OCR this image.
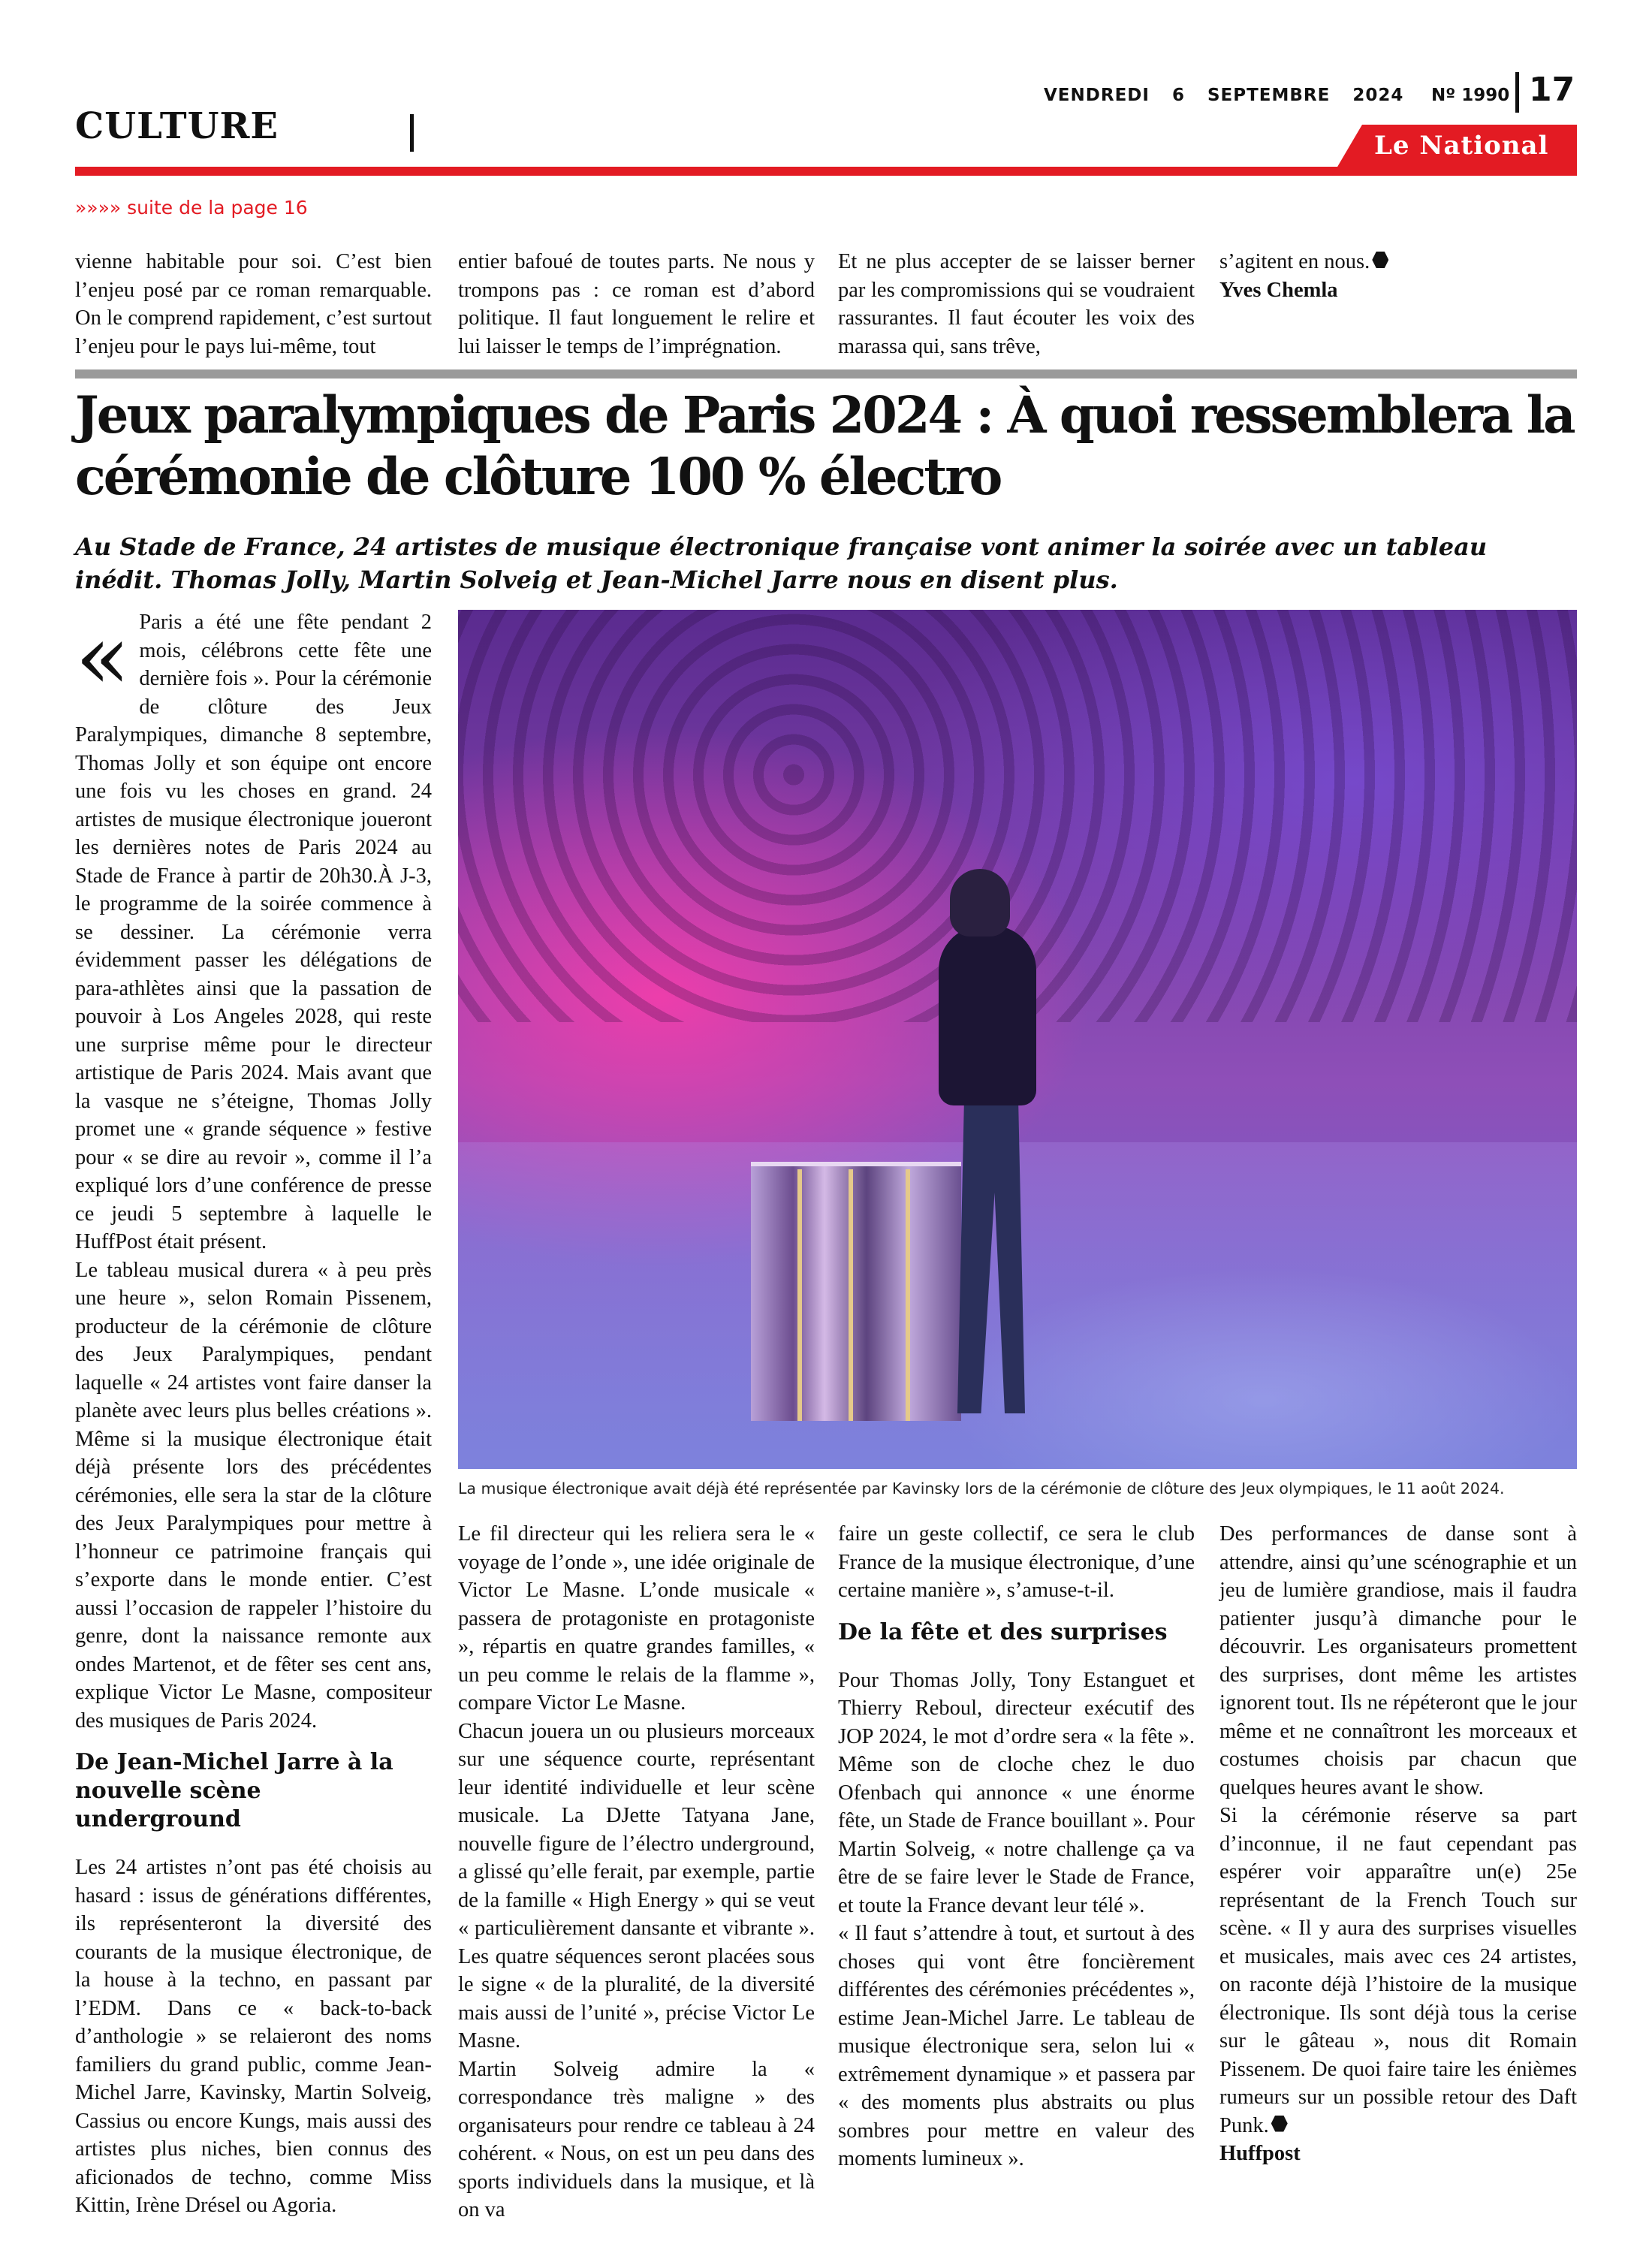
CULTURE
VENDREDI 6 SEPTEMBRE 2024	Nº 1990 17
Le National
»»»» suite de la page 16

vienne habitable pour soi. C’est bien l’enjeu posé par ce roman remarquable. On le comprend rapidement, c’est surtout l’enjeu pour le pays lui-même, tout

entier bafoué de toutes parts. Ne nous y trompons pas : ce roman est d’abord politique. Il faut longuement le relire et lui laisser le temps de l’imprégnation.

Et ne plus accepter de se laisser berner par les compromissions qui se voudraient rassurantes. Il faut écouter les voix des marassa qui, sans trêve,

s’agitent en nous.

Yves Chemla

Jeux paralympiques de Paris 2024 : À quoi ressemblera la cérémonie de clôture 100 % électro
Au Stade de France, 24 artistes de musique électronique française vont animer la soirée avec un tableau inédit. Thomas Jolly, Martin Solveig et Jean-Michel Jarre nous en disent plus.
La musique électronique avait déjà été représentée par Kavinsky lors de la cérémonie de clôture des Jeux olympiques, le 11 août 2024.
« Paris a été une fête pendant 2 mois, célébrons cette fête une dernière fois ». Pour la cérémonie de clôture des Jeux Paralympiques, dimanche 8 septembre, Thomas Jolly et son équipe ont encore une fois vu les choses en grand. 24 artistes de musique électronique joueront les dernières notes de Paris 2024 au Stade de France à partir de 20h30.À J-3, le programme de la soirée commence à se dessiner. La cérémonie verra évidemment passer les délégations de para-athlètes ainsi que la passation de pouvoir à Los Angeles 2028, qui reste une surprise même pour le directeur artistique de Paris 2024. Mais avant que la vasque ne s’éteigne, Thomas Jolly promet une « grande séquence » festive pour « se dire au revoir », comme il l’a expliqué lors d’une conférence de presse ce jeudi 5 septembre à laquelle le HuffPost était présent.

Le tableau musical durera « à peu près une heure », selon Romain Pissenem, producteur de la cérémonie de clôture des Jeux Paralympiques, pendant laquelle « 24 artistes vont faire danser la planète avec leurs plus belles créations ». Même si la musique électronique était déjà présente lors des précédentes cérémonies, elle sera la star de la clôture des Jeux Paralympiques pour mettre à l’honneur ce patrimoine français qui s’exporte dans le monde entier. C’est aussi l’occasion de rappeler l’histoire du genre, dont la naissance remonte aux ondes Martenot, et de fêter ses cent ans, explique Victor Le Masne, compositeur des musiques de Paris 2024.

De Jean-Michel Jarre à la nouvelle scène underground

Les 24 artistes n’ont pas été choisis au hasard : issus de générations différentes, ils représenteront la diversité des courants de la musique électronique, de la house à la techno, en passant par l’EDM. Dans ce « back-to-back d’anthologie » se relaieront des noms familiers du grand public, comme Jean-Michel Jarre, Kavinsky, Martin Solveig, Cassius ou encore Kungs, mais aussi des artistes plus niches, bien connus des aficionados de techno, comme Miss Kittin, Irène Drésel ou Agoria.

Le fil directeur qui les reliera sera le « voyage de l’onde », une idée originale de Victor Le Masne. L’onde musicale « passera de protagoniste en protagoniste », répartis en quatre grandes familles, « un peu comme le relais de la flamme », compare Victor Le Masne.

Chacun jouera un ou plusieurs morceaux sur une séquence courte, représentant leur identité individuelle et leur scène musicale. La DJette Tatyana Jane, nouvelle figure de l’électro underground, a glissé qu’elle ferait, par exemple, partie de la famille « High Energy » qui se veut « particulièrement dansante et vibrante ». Les quatre séquences seront placées sous le signe « de la pluralité, de la diversité mais aussi de l’unité », précise Victor Le Masne.

Martin Solveig admire la « correspondance très maligne » des organisateurs pour rendre ce tableau à 24 cohérent. « Nous, on est un peu dans des sports individuels dans la musique, et là on va

faire un geste collectif, ce sera le club France de la musique électronique, d’une certaine manière », s’amuse-t-il.

De la fête et des surprises

Pour Thomas Jolly, Tony Estanguet et Thierry Reboul, directeur exécutif des JOP 2024, le mot d’ordre sera « la fête ». Même son de cloche chez le duo Ofenbach qui annonce « une énorme fête, un Stade de France bouillant ». Pour Martin Solveig, « notre challenge ça va être de se faire lever le Stade de France, et toute la France devant leur télé ».

« Il faut s’attendre à tout, et surtout à des choses qui vont être foncièrement différentes des cérémonies précédentes », estime Jean-Michel Jarre. Le tableau de musique électronique sera, selon lui « extrêmement dynamique » et passera par « des moments plus abstraits ou plus sombres pour mettre en valeur des moments lumineux ».

Des performances de danse sont à attendre, ainsi qu’une scénographie et un jeu de lumière grandiose, mais il faudra patienter jusqu’à dimanche pour le découvrir. Les organisateurs promettent des surprises, dont même les artistes ignorent tout. Ils ne répéteront que le jour même et ne connaîtront les morceaux et costumes choisis par chacun que quelques heures avant le show.

Si la cérémonie réserve sa part d’inconnue, il ne faut cependant pas espérer voir apparaître un(e) 25e représentant de la French Touch sur scène. « Il y aura des surprises visuelles et musicales, mais avec ces 24 artistes, on raconte déjà l’histoire de la musique électronique. Ils sont déjà tous la cerise sur le gâteau », nous dit Romain Pissenem. De quoi faire taire les énièmes rumeurs sur un possible retour des Daft Punk.

Huffpost
